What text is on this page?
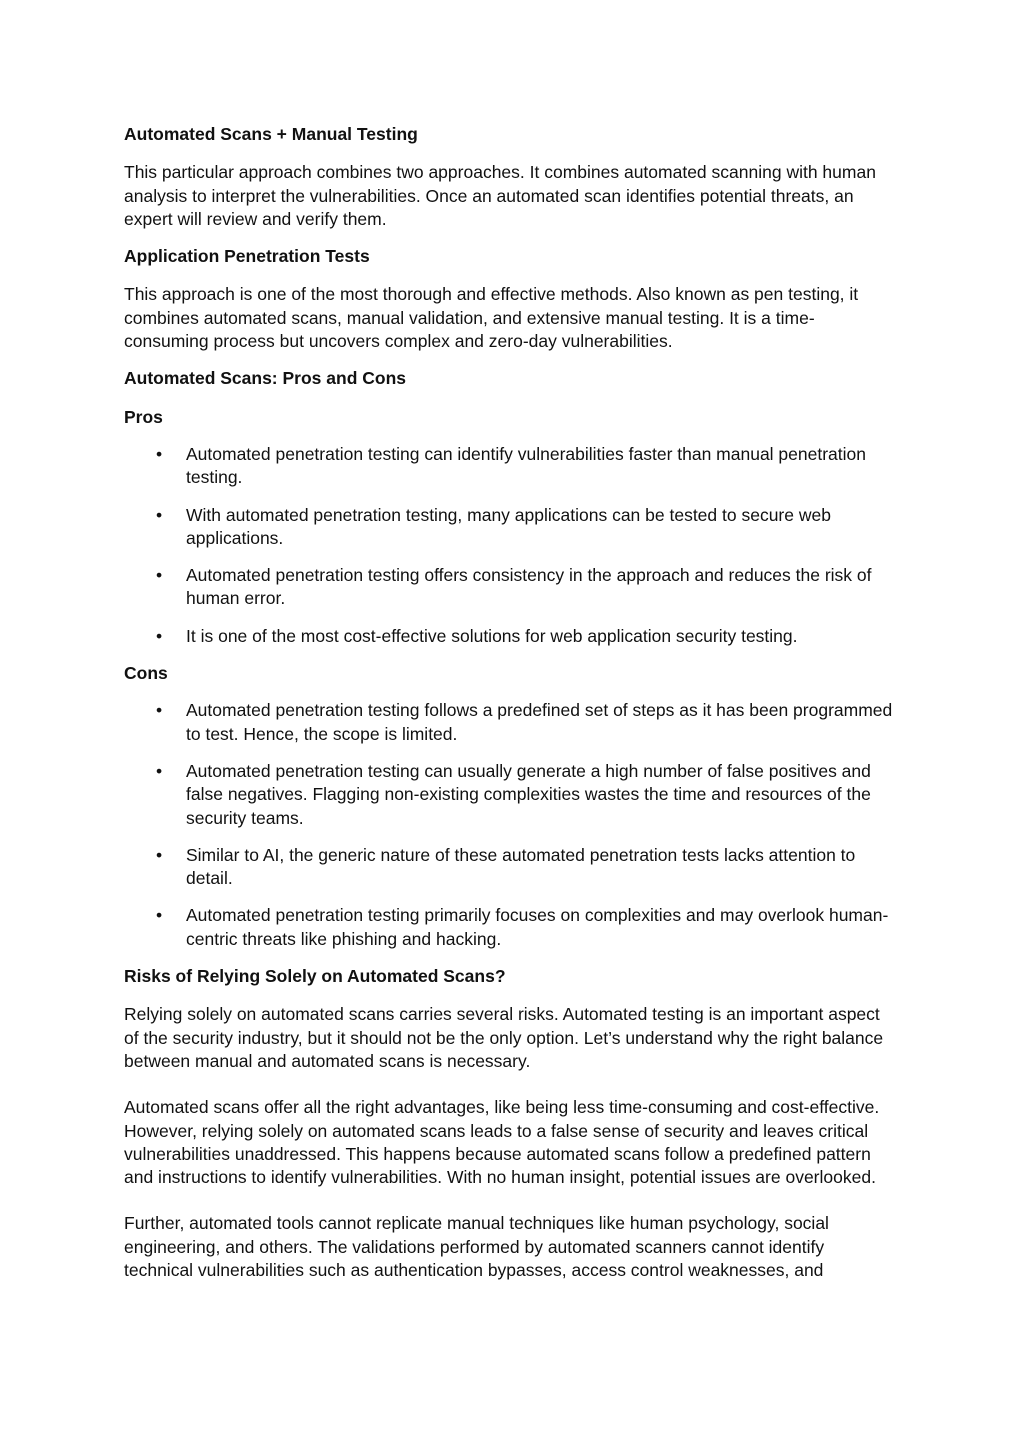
Automated Scans + Manual Testing

This particular approach combines two approaches. It combines automated scanning with human analysis to interpret the vulnerabilities. Once an automated scan identifies potential threats, an expert will review and verify them.

Application Penetration Tests

This approach is one of the most thorough and effective methods. Also known as pen testing, it combines automated scans, manual validation, and extensive manual testing. It is a time-consuming process but uncovers complex and zero-day vulnerabilities.

Automated Scans: Pros and Cons

Pros

• Automated penetration testing can identify vulnerabilities faster than manual penetration testing.
• With automated penetration testing, many applications can be tested to secure web applications.
• Automated penetration testing offers consistency in the approach and reduces the risk of human error.
• It is one of the most cost-effective solutions for web application security testing.

Cons

• Automated penetration testing follows a predefined set of steps as it has been programmed to test. Hence, the scope is limited.
• Automated penetration testing can usually generate a high number of false positives and false negatives. Flagging non-existing complexities wastes the time and resources of the security teams.
• Similar to AI, the generic nature of these automated penetration tests lacks attention to detail.
• Automated penetration testing primarily focuses on complexities and may overlook human-centric threats like phishing and hacking.

Risks of Relying Solely on Automated Scans?

Relying solely on automated scans carries several risks. Automated testing is an important aspect of the security industry, but it should not be the only option. Let’s understand why the right balance between manual and automated scans is necessary.

Automated scans offer all the right advantages, like being less time-consuming and cost-effective. However, relying solely on automated scans leads to a false sense of security and leaves critical vulnerabilities unaddressed. This happens because automated scans follow a predefined pattern and instructions to identify vulnerabilities. With no human insight, potential issues are overlooked.

Further, automated tools cannot replicate manual techniques like human psychology, social engineering, and others. The validations performed by automated scanners cannot identify technical vulnerabilities such as authentication bypasses, access control weaknesses, and
